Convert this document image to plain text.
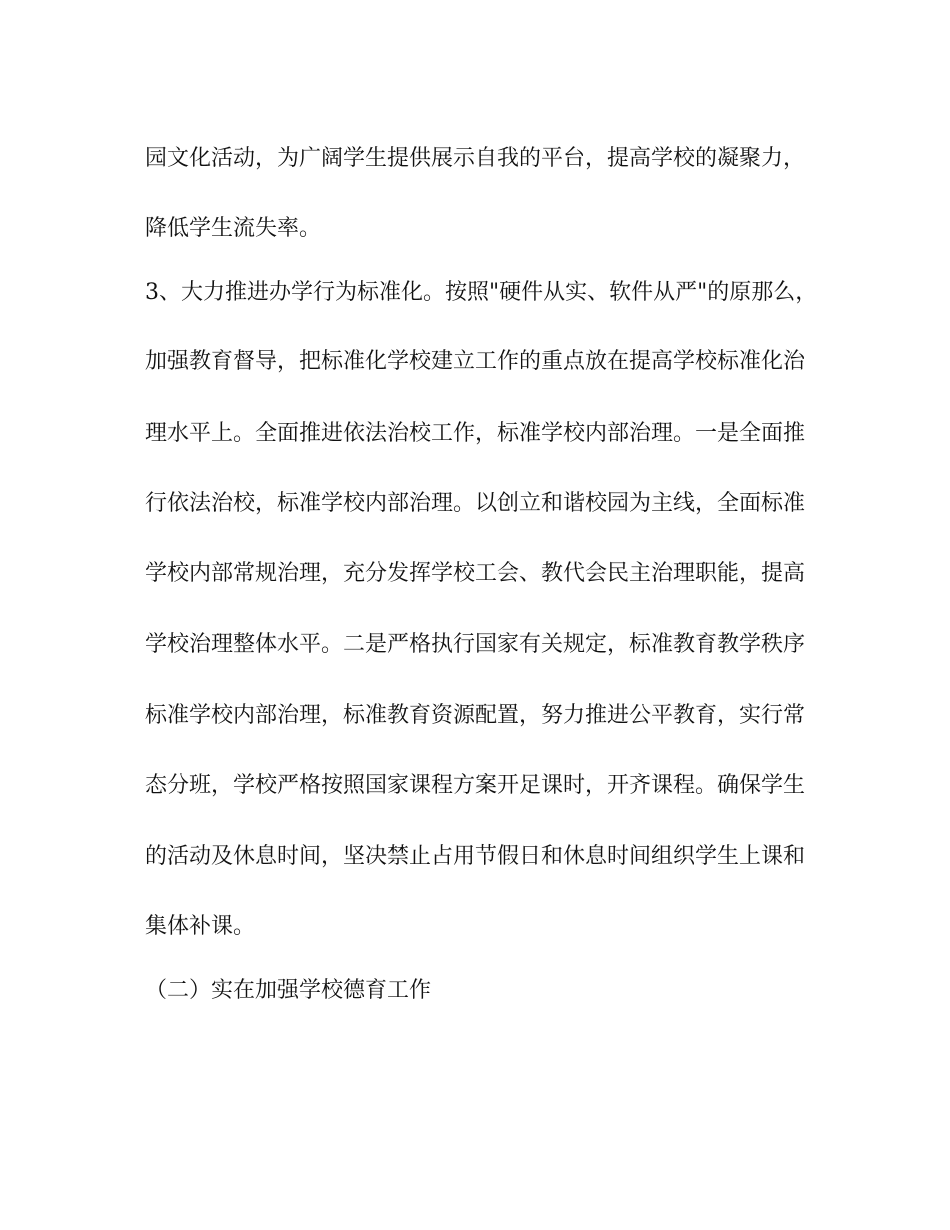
园文化活动，为广阔学生提供展示自我的平台，提高学校的凝聚力，

降低学生流失率。

3、大力推进办学行为标准化。按照"硬件从实、软件从严"的原那么，

加强教育督导，把标准化学校建立工作的重点放在提高学校标准化治

理水平上。全面推进依法治校工作，标准学校内部治理。一是全面推

行依法治校，标准学校内部治理。以创立和谐校园为主线，全面标准

学校内部常规治理，充分发挥学校工会、教代会民主治理职能，提高

学校治理整体水平。二是严格执行国家有关规定，标准教育教学秩序

标准学校内部治理，标准教育资源配置，努力推进公平教育，实行常

态分班，学校严格按照国家课程方案开足课时，开齐课程。确保学生

的活动及休息时间，坚决禁止占用节假日和休息时间组织学生上课和

集体补课。

（二）实在加强学校德育工作
